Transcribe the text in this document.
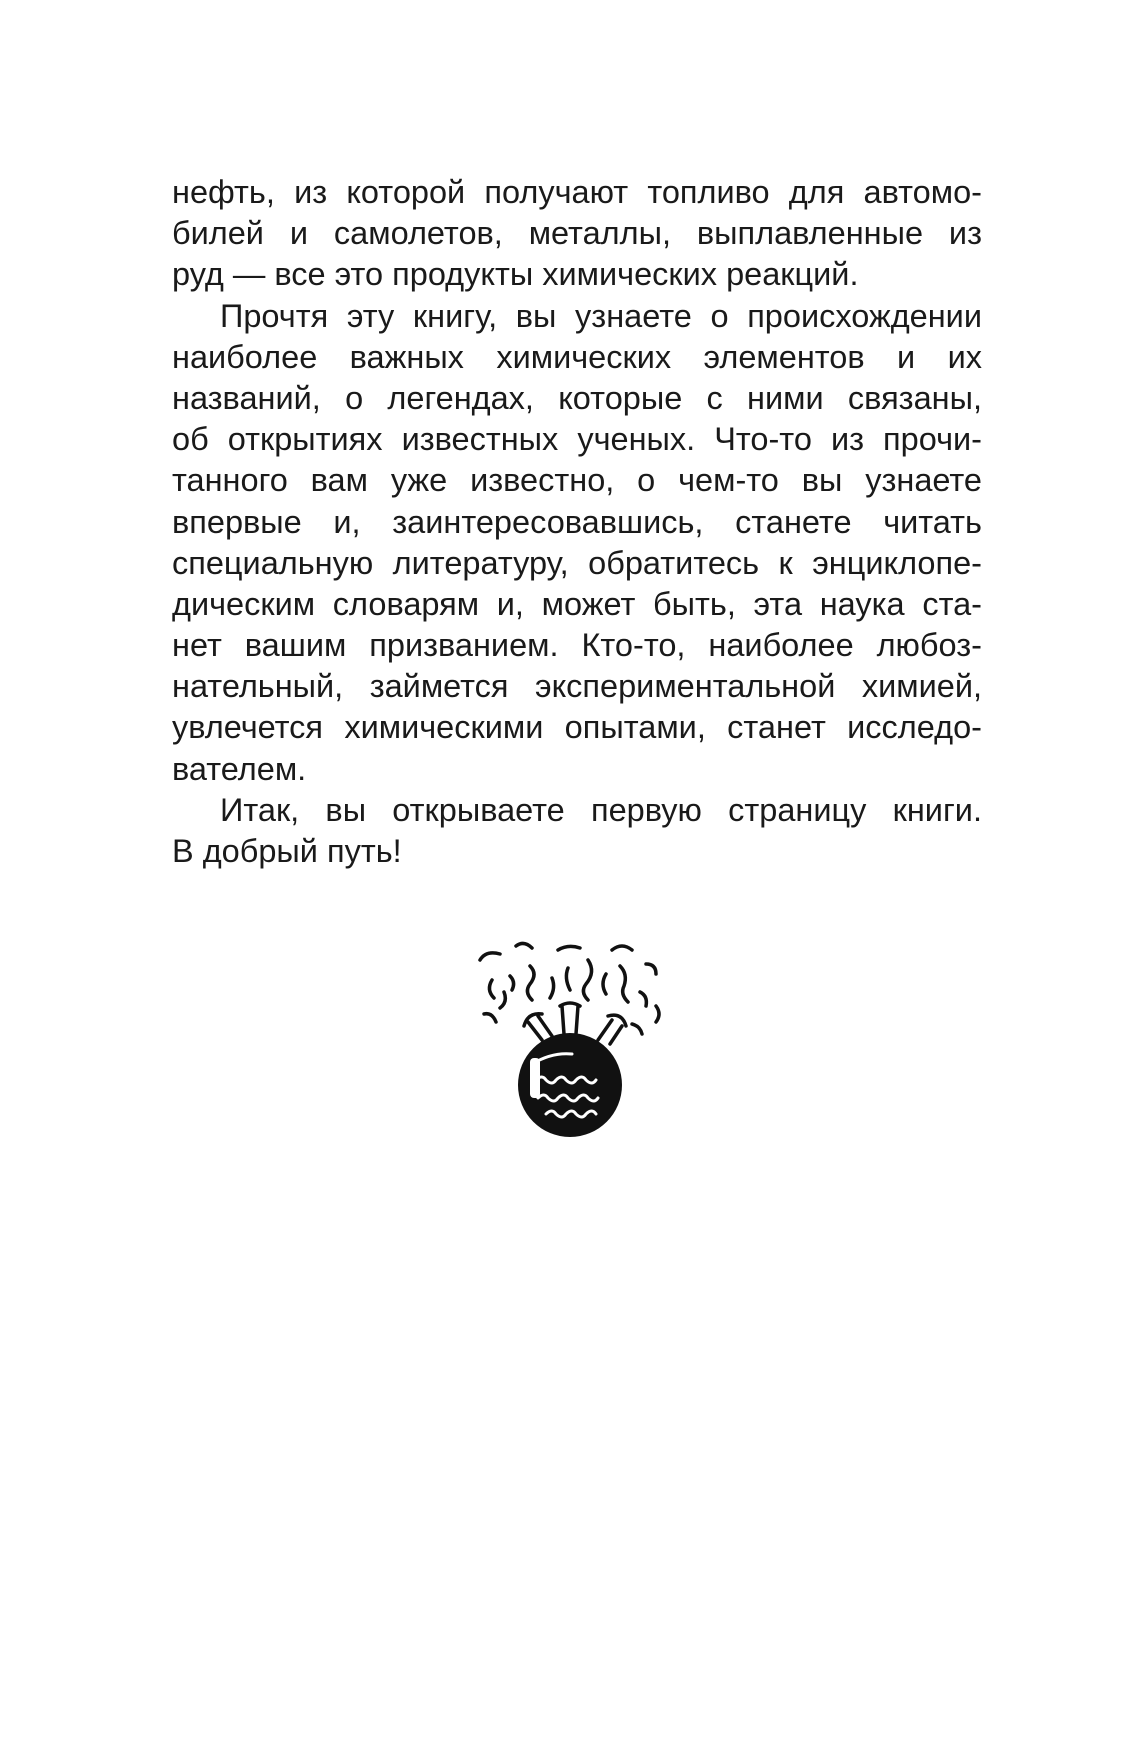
нефть, из которой получают топливо для автомо-
билей и самолетов, металлы, выплавленные из
руд — все это продукты химических реакций.
Прочтя эту книгу, вы узнаете о происхождении
наиболее важных химических элементов и их
названий, о легендах, которые с ними связаны,
об открытиях известных ученых. Что-то из прочи-
танного вам уже известно, о чем-то вы узнаете
впервые и, заинтересовавшись, станете читать
специальную литературу, обратитесь к энциклопе-
дическим словарям и, может быть, эта наука ста-
нет вашим призванием. Кто-то, наиболее любоз-
нательный, займется экспериментальной химией,
увлечется химическими опытами, станет исследо-
вателем.
Итак, вы открываете первую страницу книги.
В добрый путь!
